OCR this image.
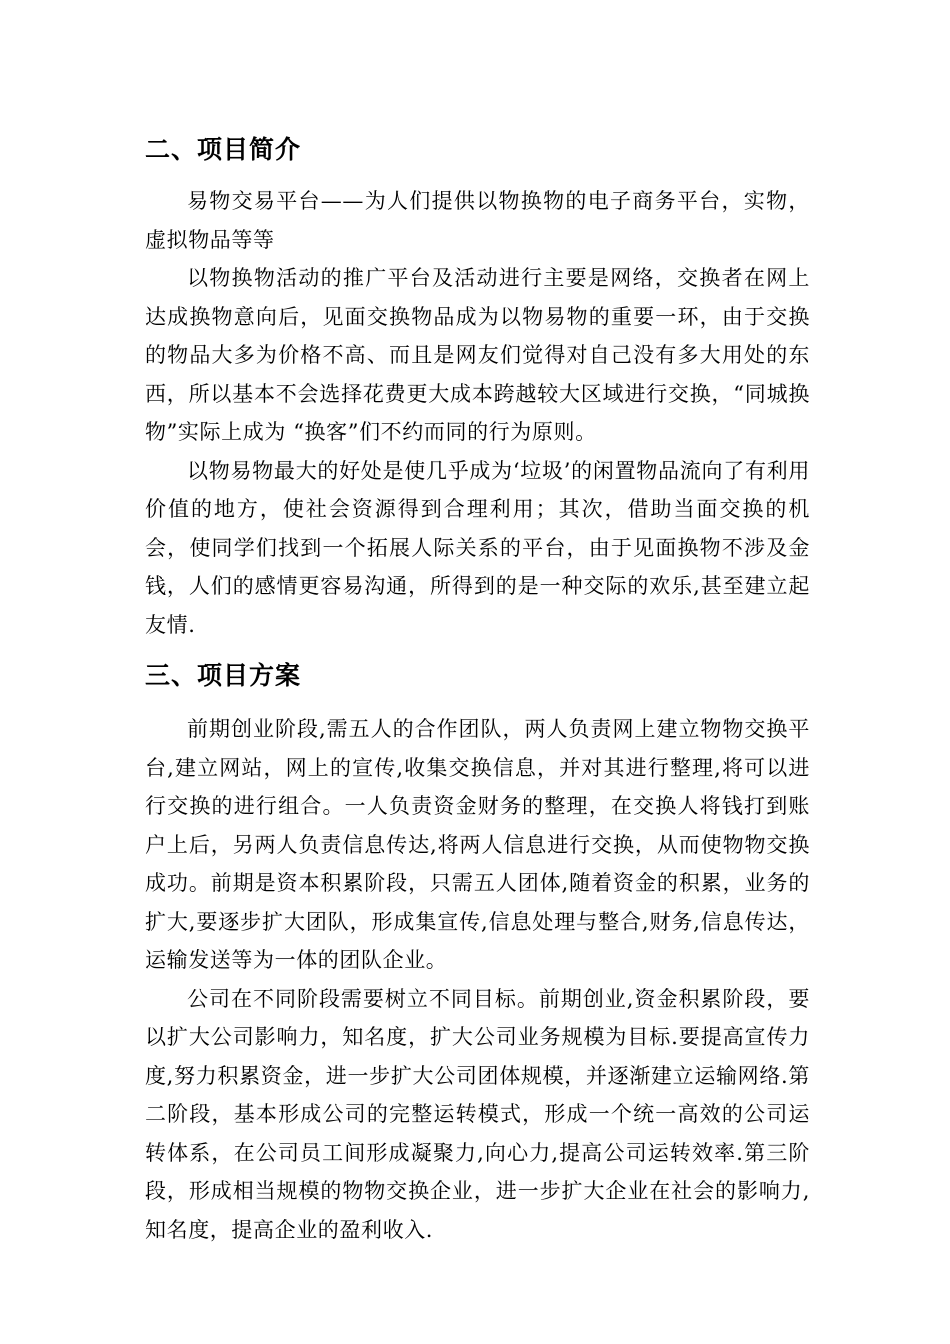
二、项目简介

易物交易平台——为人们提供以物换物的电子商务平台，实物，虚拟物品等等

以物换物活动的推广平台及活动进行主要是网络，交换者在网上达成换物意向后，见面交换物品成为以物易物的重要一环，由于交换的物品大多为价格不高、而且是网友们觉得对自己没有多大用处的东西，所以基本不会选择花费更大成本跨越较大区域进行交换，“同城换物”实际上成为 “换客”们不约而同的行为原则。

以物易物最大的好处是使几乎成为‘垃圾’的闲置物品流向了有利用价值的地方，使社会资源得到合理利用；其次，借助当面交换的机会，使同学们找到一个拓展人际关系的平台，由于见面换物不涉及金钱，人们的感情更容易沟通，所得到的是一种交际的欢乐,甚至建立起友情.

三、项目方案

前期创业阶段,需五人的合作团队，两人负责网上建立物物交换平台,建立网站，网上的宣传,收集交换信息，并对其进行整理,将可以进行交换的进行组合。一人负责资金财务的整理，在交换人将钱打到账户上后，另两人负责信息传达,将两人信息进行交换，从而使物物交换成功。前期是资本积累阶段，只需五人团体,随着资金的积累，业务的扩大,要逐步扩大团队，形成集宣传,信息处理与整合,财务,信息传达，运输发送等为一体的团队企业。

公司在不同阶段需要树立不同目标。前期创业,资金积累阶段，要以扩大公司影响力，知名度，扩大公司业务规模为目标.要提高宣传力度,努力积累资金，进一步扩大公司团体规模，并逐渐建立运输网络.第二阶段，基本形成公司的完整运转模式，形成一个统一高效的公司运转体系，在公司员工间形成凝聚力,向心力,提高公司运转效率.第三阶段，形成相当规模的物物交换企业，进一步扩大企业在社会的影响力,知名度，提高企业的盈利收入.
